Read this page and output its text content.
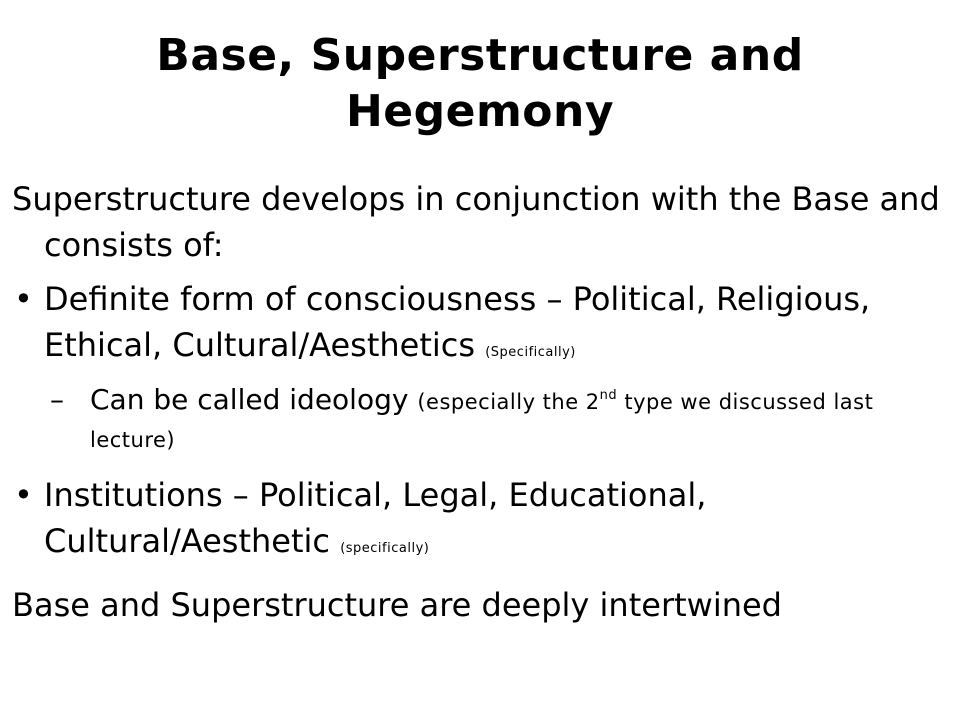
Base, Superstructure and Hegemony

Superstructure develops in conjunction with the Base and consists of:

• Definite form of consciousness – Political, Religious, Ethical, Cultural/Aesthetics (Specifically)
– Can be called ideology (especially the 2nd type we discussed last lecture)
• Institutions – Political, Legal, Educational, Cultural/Aesthetic (specifically)

Base and Superstructure are deeply intertwined
